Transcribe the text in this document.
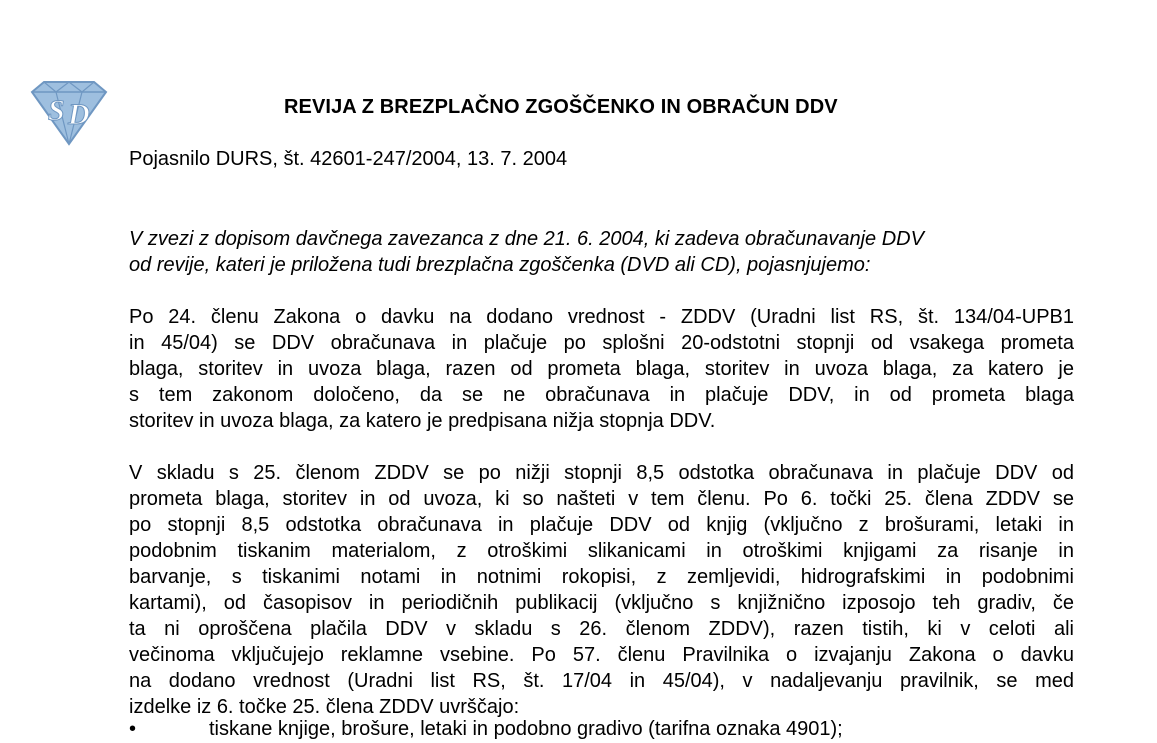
S D	REVIJA Z BREZPLAČNO ZGOŠČENKO IN OBRAČUN DDV
Pojasnilo DURS, št. 42601-247/2004, 13. 7. 2004
V zvezi z dopisom davčnega zavezanca z dne 21. 6. 2004, ki zadeva obračunavanje DDV
od revije, kateri je priložena tudi brezplačna zgoščenka (DVD ali CD), pojasnjujemo:
Po 24. členu Zakona o davku na dodano vrednost - ZDDV (Uradni list RS, št. 134/04-UPB1
in 45/04) se DDV obračunava in plačuje po splošni 20-odstotni stopnji od vsakega prometa
blaga, storitev in uvoza blaga, razen od prometa blaga, storitev in uvoza blaga, za katero je
s tem zakonom določeno, da se ne obračunava in plačuje DDV, in od prometa blaga
storitev in uvoza blaga, za katero je predpisana nižja stopnja DDV.
V skladu s 25. členom ZDDV se po nižji stopnji 8,5 odstotka obračunava in plačuje DDV od
prometa blaga, storitev in od uvoza, ki so našteti v tem členu. Po 6. točki 25. člena ZDDV se
po stopnji 8,5 odstotka obračunava in plačuje DDV od knjig (vključno z brošurami, letaki in
podobnim tiskanim materialom, z otroškimi slikanicami in otroškimi knjigami za risanje in
barvanje, s tiskanimi notami in notnimi rokopisi, z zemljevidi, hidrografskimi in podobnimi
kartami), od časopisov in periodičnih publikacij (vključno s knjižnično izposojo teh gradiv, če
ta ni oproščena plačila DDV v skladu s 26. členom ZDDV), razen tistih, ki v celoti ali
večinoma vključujejo reklamne vsebine. Po 57. členu Pravilnika o izvajanju Zakona o davku
na dodano vrednost (Uradni list RS, št. 17/04 in 45/04), v nadaljevanju pravilnik, se med
izdelke iz 6. točke 25. člena ZDDV uvrščajo:
•	tiskane knjige, brošure, letaki in podobno gradivo (tarifna oznaka 4901);
